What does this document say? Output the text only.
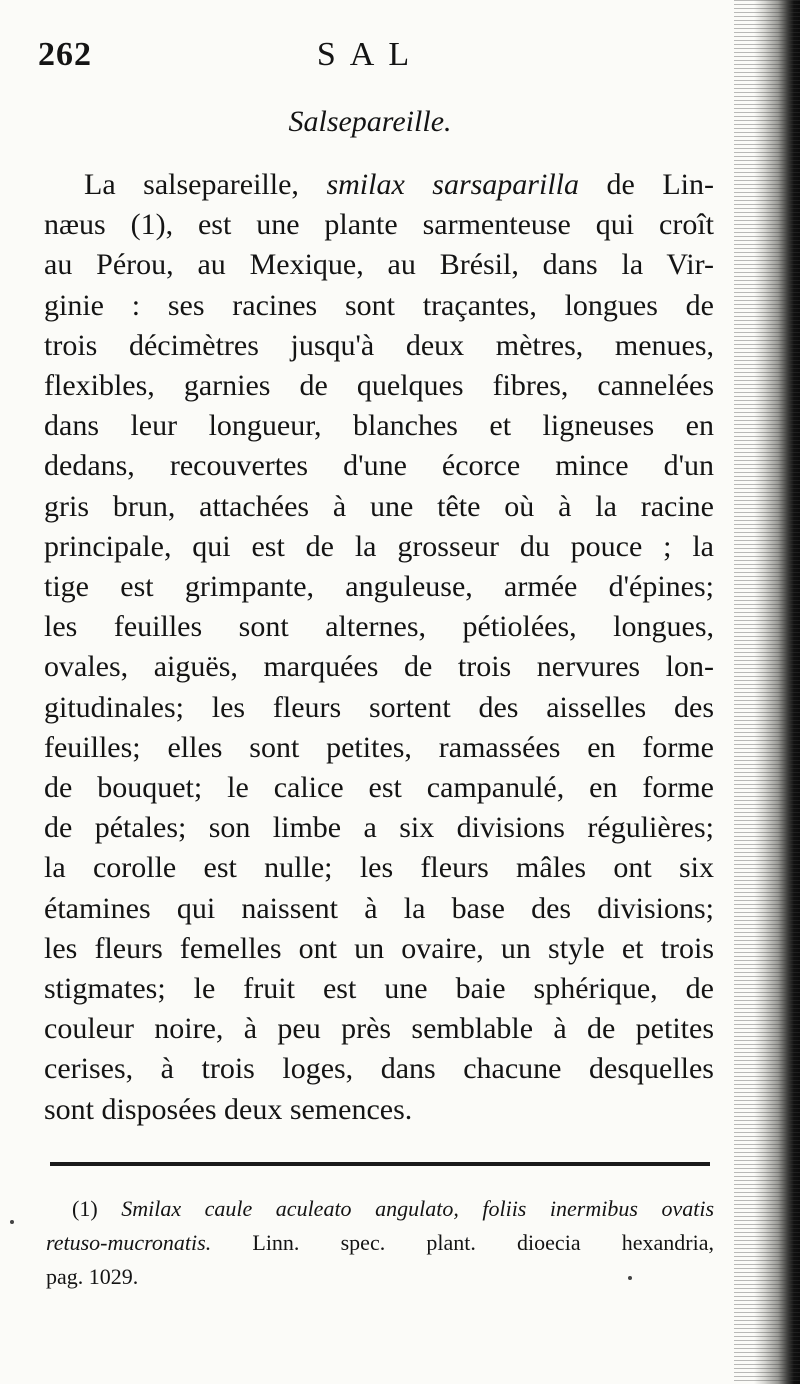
262	SAL
Salsepareille.
La salsepareille, smilax sarsaparilla de Lin-
næus (1), est une plante sarmenteuse qui croît
au Pérou, au Mexique, au Brésil, dans la Vir-
ginie : ses racines sont traçantes, longues de
trois décimètres jusqu'à deux mètres, menues,
flexibles, garnies de quelques fibres, cannelées
dans leur longueur, blanches et ligneuses en
dedans, recouvertes d'une écorce mince d'un
gris brun, attachées à une tête où à la racine
principale, qui est de la grosseur du pouce ; la
tige est grimpante, anguleuse, armée d'épines;
les feuilles sont alternes, pétiolées, longues,
ovales, aiguës, marquées de trois nervures lon-
gitudinales; les fleurs sortent des aisselles des
feuilles; elles sont petites, ramassées en forme
de bouquet; le calice est campanulé, en forme
de pétales; son limbe a six divisions régulières;
la corolle est nulle; les fleurs mâles ont six
étamines qui naissent à la base des divisions;
les fleurs femelles ont un ovaire, un style et trois
stigmates; le fruit est une baie sphérique, de
couleur noire, à peu près semblable à de petites
cerises, à trois loges, dans chacune desquelles
sont disposées deux semences.
(1) Smilax caule aculeato angulato, foliis inermibus ovatis
retuso-mucronatis. Linn. spec. plant. dioecia hexandria,
pag. 1029.
